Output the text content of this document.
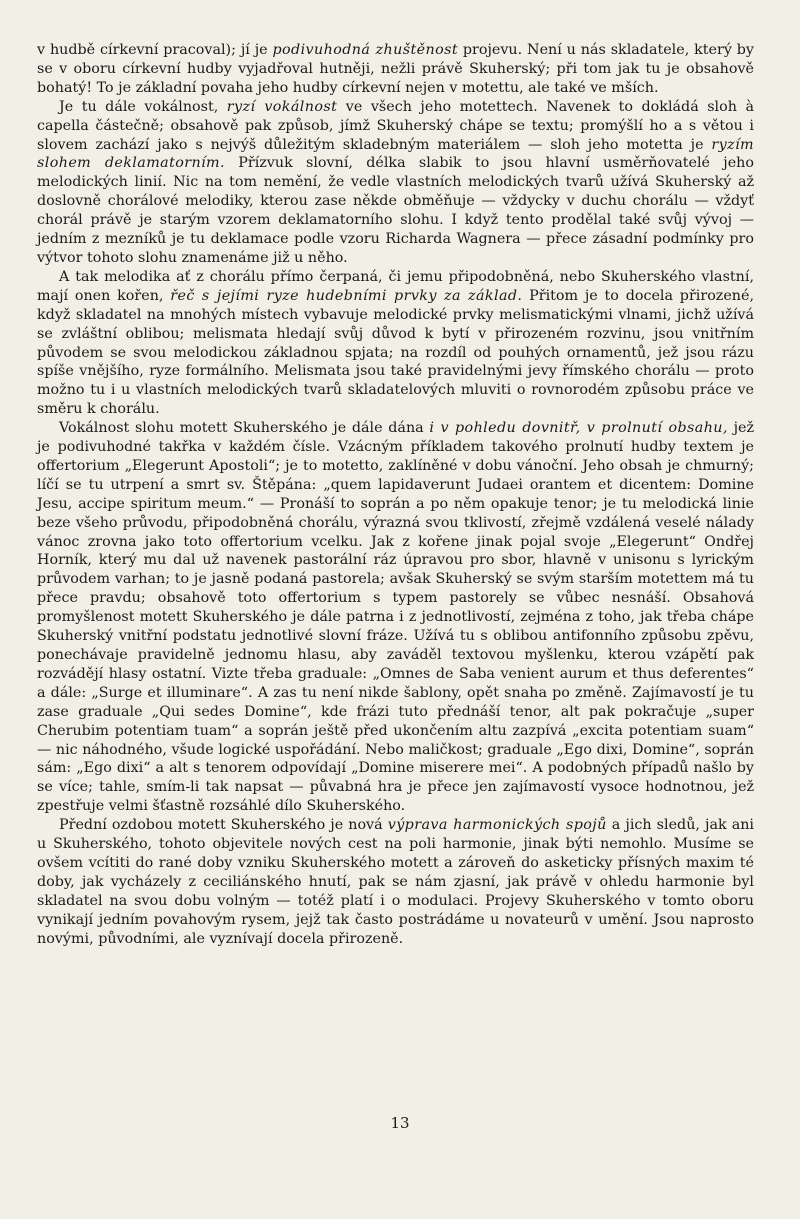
v hudbě církevní pracoval); jí je podivuhodná zhuštěnost projevu. Není u nás skladatele, který by se v oboru církevní hudby vyjadřoval hutněji, nežli právě Skuherský; při tom jak tu je obsahově bohatý! To je základní povaha jeho hudby církevní nejen v motettu, ale také ve mších.

Je tu dále vokálnost, ryzí vokálnost ve všech jeho motettech. Navenek to dokládá sloh à capella částečně; obsahově pak způsob, jímž Skuherský chápe se textu; promýšlí ho a s větou i slovem zachází jako s nejvýš důležitým skladebným materiálem — sloh jeho motetta je ryzím slohem deklamatorním. Přízvuk slovní, délka slabik to jsou hlavní usměrňovatelé jeho melodických linií. Nic na tom nemění, že vedle vlastních melodických tvarů užívá Skuherský až doslovně chorálové melodiky, kterou zase někde obměňuje — vždycky v duchu chorálu — vždyť chorál právě je starým vzorem deklamatorního slohu. I když tento prodělal také svůj vývoj — jedním z mezníků je tu deklamace podle vzoru Richarda Wagnera — přece zásadní podmínky pro výtvor tohoto slohu znamenáme již u něho.

A tak melodika ať z chorálu přímo čerpaná, či jemu připodobněná, nebo Skuherského vlastní, mají onen kořen, řeč s jejími ryze hudebními prvky za základ. Přitom je to docela přirozené, když skladatel na mnohých místech vybavuje melodické prvky melismatickými vlnami, jichž užívá se zvláštní oblibou; melismata hledají svůj důvod k bytí v přirozeném rozvinu, jsou vnitřním původem se svou melodickou základnou spjata; na rozdíl od pouhých ornamentů, jež jsou rázu spíše vnějšího, ryze formálního. Melismata jsou také pravidelnými jevy římského chorálu — proto možno tu i u vlastních melodických tvarů skladatelových mluviti o rovnorodém způsobu práce ve směru k chorálu.

Vokálnost slohu motett Skuherského je dále dána i v pohledu dovnitř, v prolnutí obsahu, jež je podivuhodné takřka v každém čísle. Vzácným příkladem takového prolnutí hudby textem je offertorium „Elegerunt Apostoli“; je to motetto, zaklíněné v dobu vánoční. Jeho obsah je chmurný; líčí se tu utrpení a smrt sv. Štěpána: „quem lapidaverunt Judaei orantem et dicentem: Domine Jesu, accipe spiritum meum.“ — Pronáší to soprán a po něm opakuje tenor; je tu melodická linie beze všeho průvodu, připodobněná chorálu, výrazná svou tklivostí, zřejmě vzdálená veselé nálady vánoc zrovna jako toto offertorium vcelku. Jak z kořene jinak pojal svoje „Elegerunt“ Ondřej Horník, který mu dal už navenek pastorální ráz úpravou pro sbor, hlavně v unisonu s lyrickým průvodem varhan; to je jasně podaná pastorela; avšak Skuherský se svým starším motettem má tu přece pravdu; obsahově toto offertorium s typem pastorely se vůbec nesnáší. Obsahová promyšlenost motett Skuherského je dále patrna i z jednotlivostí, zejména z toho, jak třeba chápe Skuherský vnitřní podstatu jednotlivé slovní fráze. Užívá tu s oblibou antifonního způsobu zpěvu, ponechávaje pravidelně jednomu hlasu, aby zaváděl textovou myšlenku, kterou vzápětí pak rozvádějí hlasy ostatní. Vizte třeba graduale: „Omnes de Saba venient aurum et thus deferentes“ a dále: „Surge et illuminare“. A zas tu není nikde šablony, opět snaha po změně. Zajímavostí je tu zase graduale „Qui sedes Domine“, kde frázi tuto přednáší tenor, alt pak pokračuje „super Cherubim potentiam tuam“ a soprán ještě před ukončením altu zazpívá „excita potentiam suam“ — nic náhodného, všude logické uspořádání. Nebo maličkost; graduale „Ego dixi, Domine“, soprán sám: „Ego dixi“ a alt s tenorem odpovídají „Domine miserere mei“. A podobných případů našlo by se více; tahle, smím-li tak napsat — půvabná hra je přece jen zajímavostí vysoce hodnotnou, jež zpestřuje velmi šťastně rozsáhlé dílo Skuherského.

Přední ozdobou motett Skuherského je nová výprava harmonických spojů a jich sledů, jak ani u Skuherského, tohoto objevitele nových cest na poli harmonie, jinak býti nemohlo. Musíme se ovšem vcítiti do rané doby vzniku Skuherského motett a zároveň do asketicky přísných maxim té doby, jak vycházely z ceciliánského hnutí, pak se nám zjasní, jak právě v ohledu harmonie byl skladatel na svou dobu volným — totéž platí i o modulaci. Projevy Skuherského v tomto oboru vynikají jedním povahovým rysem, jejž tak často postrádáme u novateurů v umění. Jsou naprosto novými, původními, ale vyznívají docela přirozeně.

13
